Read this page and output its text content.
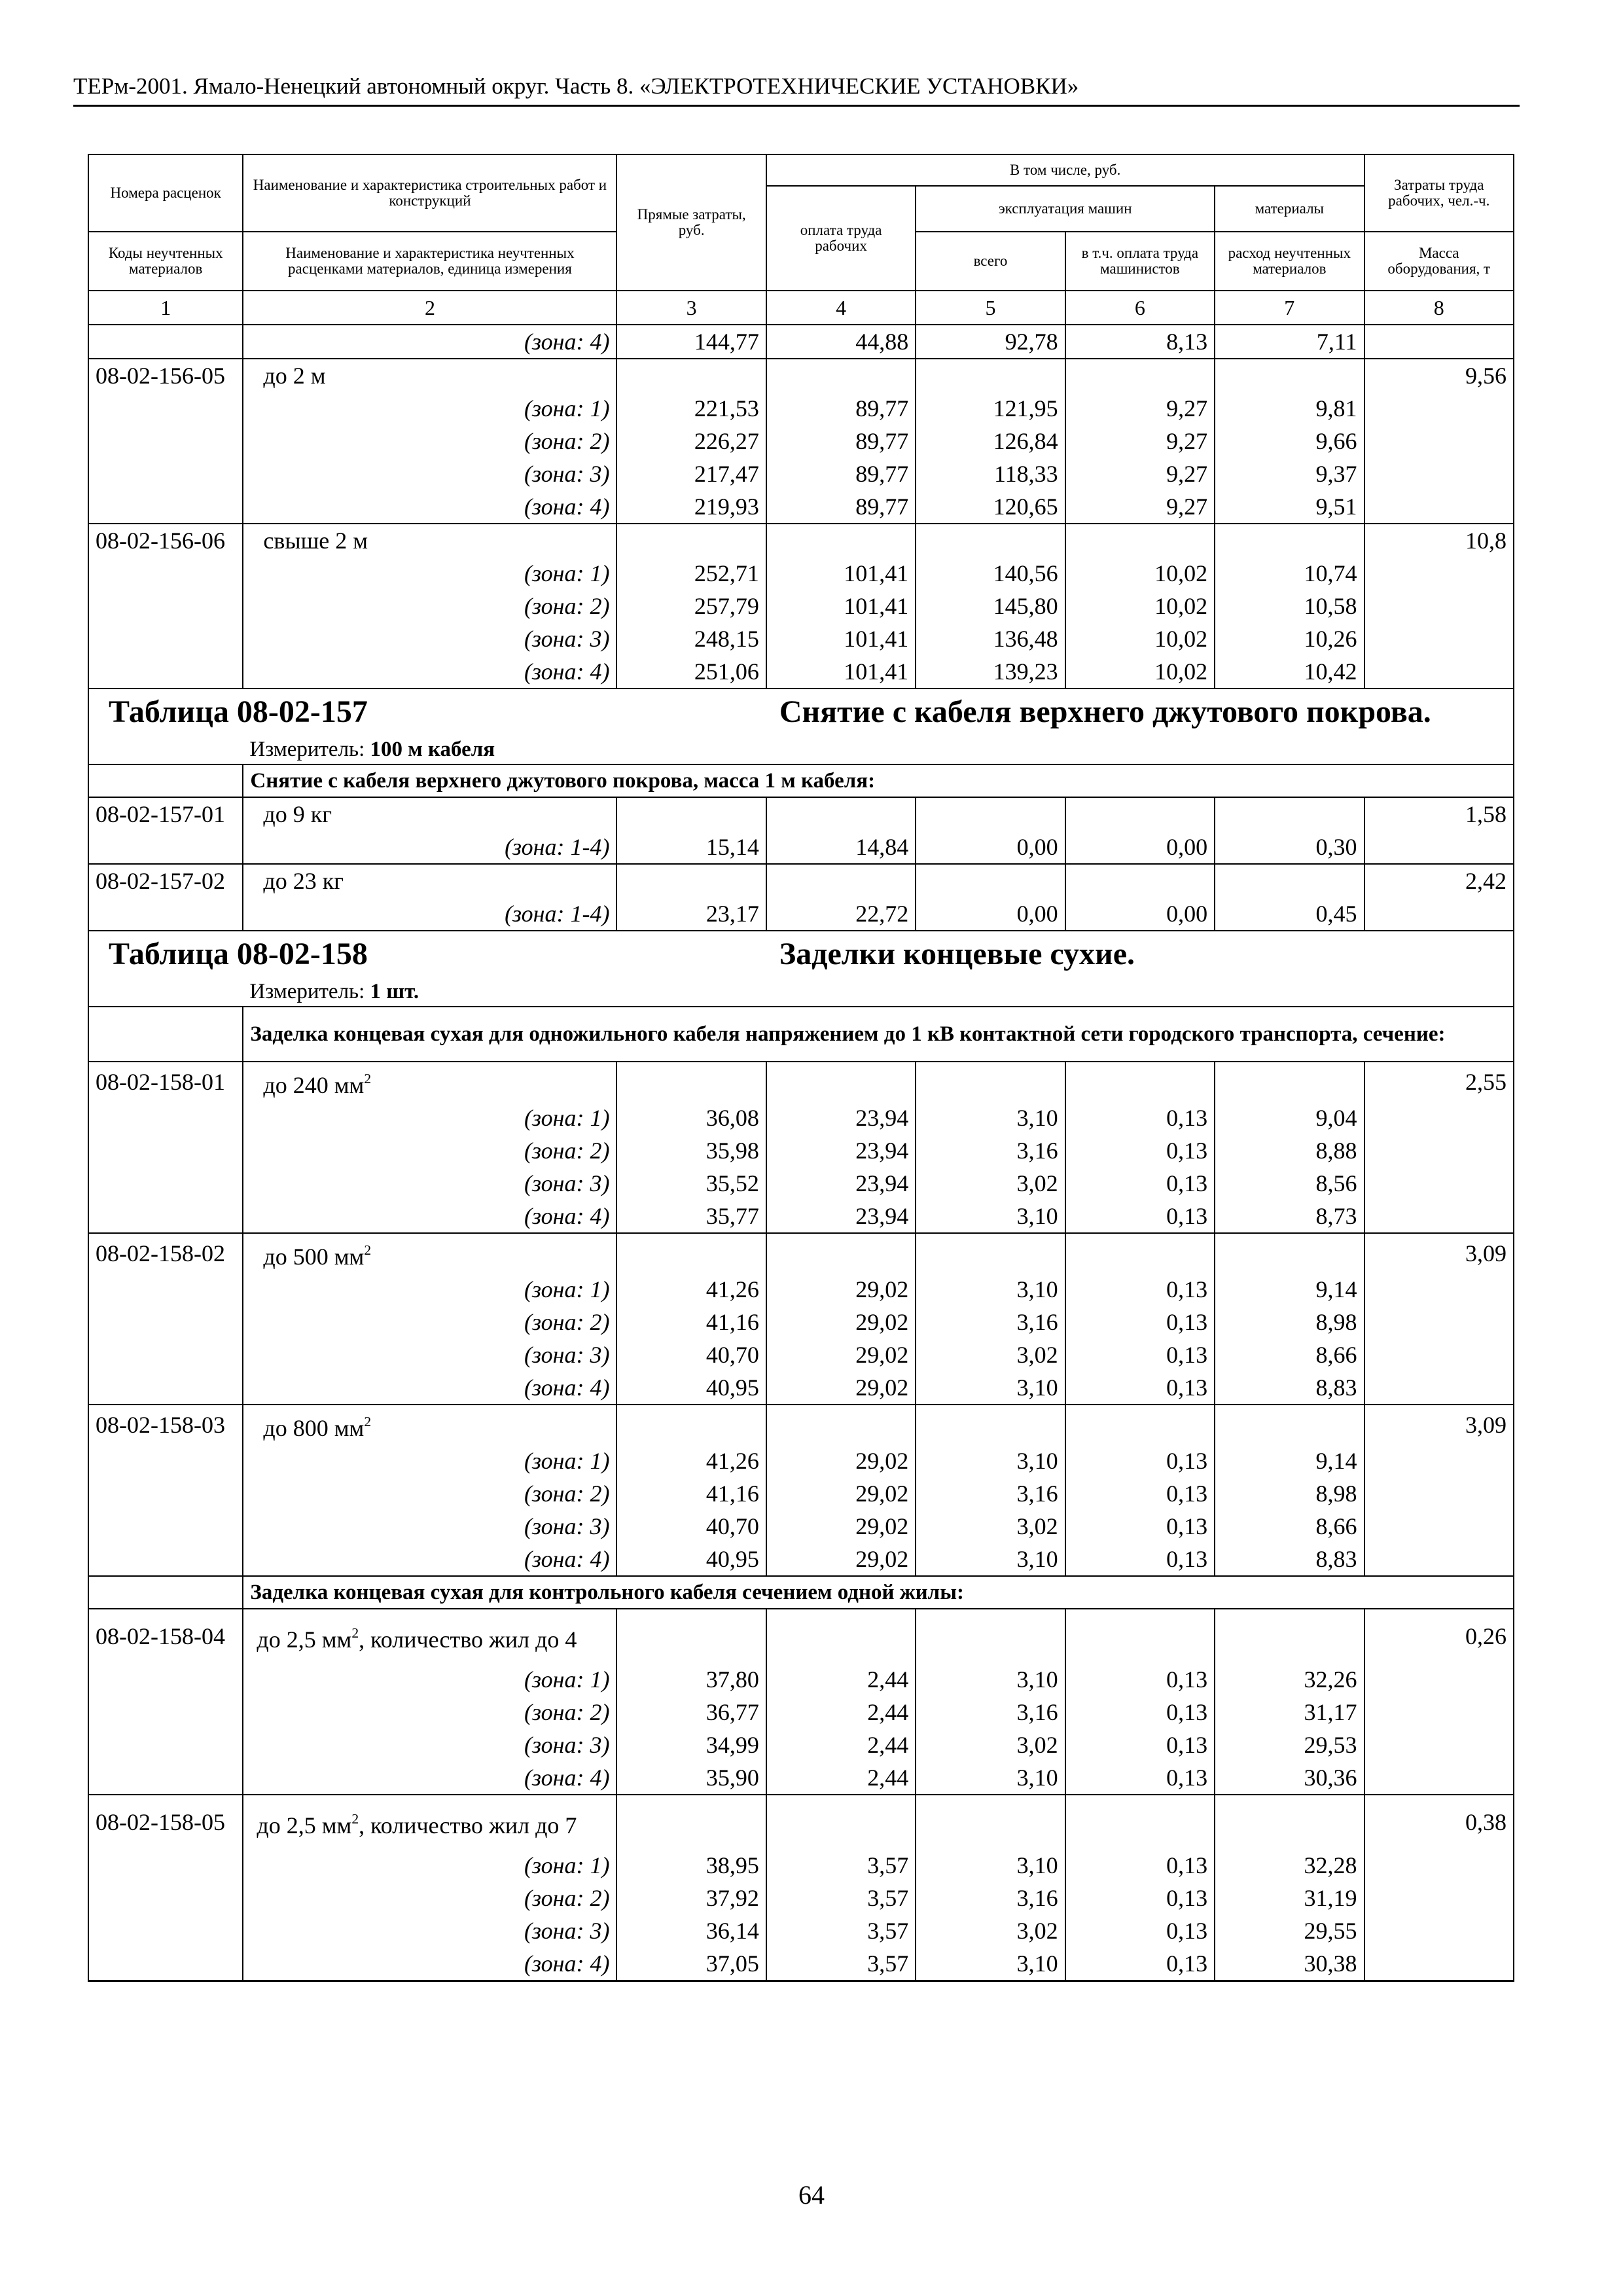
ТЕРм-2001. Ямало-Ненецкий автономный округ. Часть 8. «ЭЛЕКТРОТЕХНИЧЕСКИЕ УСТАНОВКИ»
Номера расценок	Наименование и характеристика строительных работ и конструкций	Прямые затраты, руб.	В том числе, руб.				Затраты труда рабочих, чел.-ч.
			оплата труда рабочих	эксплуатация машин		материалы	
Коды неучтенных материалов	Наименование и характеристика неучтенных расценками материалов, единица измерения			всего	в т.ч. оплата труда машинистов	расход неучтенных материалов	Масса оборудования, т
1	2	3	4	5	6	7	8
	(зона: 4)	144,77	44,88	92,78	8,13	7,11	
08-02-156-05	до 2 м						9,56
	(зона: 1)	221,53	89,77	121,95	9,27	9,81	
	(зона: 2)	226,27	89,77	126,84	9,27	9,66	
	(зона: 3)	217,47	89,77	118,33	9,27	9,37	
	(зона: 4)	219,93	89,77	120,65	9,27	9,51	
08-02-156-06	свыше 2 м						10,8
	(зона: 1)	252,71	101,41	140,56	10,02	10,74	
	(зона: 2)	257,79	101,41	145,80	10,02	10,58	
	(зона: 3)	248,15	101,41	136,48	10,02	10,26	
	(зона: 4)	251,06	101,41	139,23	10,02	10,42	
Таблица 08-02-157			Снятие с кабеля верхнего джутового покрова.				
	Измеритель: 100 м кабеля						
	Снятие с кабеля верхнего джутового покрова, масса 1 м кабеля:						
08-02-157-01	до 9 кг						1,58
	(зона: 1-4)	15,14	14,84	0,00	0,00	0,30	
08-02-157-02	до 23 кг						2,42
	(зона: 1-4)	23,17	22,72	0,00	0,00	0,45	
Таблица 08-02-158			Заделки концевые сухие.				
	Измеритель: 1 шт.						
	Заделка концевая сухая для одножильного кабеля напряжением до 1 кВ контактной сети городского транспорта, сечение:						
08-02-158-01	до 240 $мм^2$						2,55
	(зона: 1)	36,08	23,94	3,10	0,13	9,04	
	(зона: 2)	35,98	23,94	3,16	0,13	8,88	
	(зона: 3)	35,52	23,94	3,02	0,13	8,56	
	(зона: 4)	35,77	23,94	3,10	0,13	8,73	
08-02-158-02	до 500 $мм^2$						3,09
	(зона: 1)	41,26	29,02	3,10	0,13	9,14	
	(зона: 2)	41,16	29,02	3,16	0,13	8,98	
	(зона: 3)	40,70	29,02	3,02	0,13	8,66	
	(зона: 4)	40,95	29,02	3,10	0,13	8,83	
08-02-158-03	до 800 $мм^2$						3,09
	(зона: 1)	41,26	29,02	3,10	0,13	9,14	
	(зона: 2)	41,16	29,02	3,16	0,13	8,98	
	(зона: 3)	40,70	29,02	3,02	0,13	8,66	
	(зона: 4)	40,95	29,02	3,10	0,13	8,83	
	Заделка концевая сухая для контрольного кабеля сечением одной жилы:						
08-02-158-04	до 2,5 $мм^2$, количество жил до 4						0,26
	(зона: 1)	37,80	2,44	3,10	0,13	32,26	
	(зона: 2)	36,77	2,44	3,16	0,13	31,17	
	(зона: 3)	34,99	2,44	3,02	0,13	29,53	
	(зона: 4)	35,90	2,44	3,10	0,13	30,36	
08-02-158-05	до 2,5 $мм^2$, количество жил до 7						0,38
	(зона: 1)	38,95	3,57	3,10	0,13	32,28	
	(зона: 2)	37,92	3,57	3,16	0,13	31,19	
	(зона: 3)	36,14	3,57	3,02	0,13	29,55	
	(зона: 4)	37,05	3,57	3,10	0,13	30,38	
64
